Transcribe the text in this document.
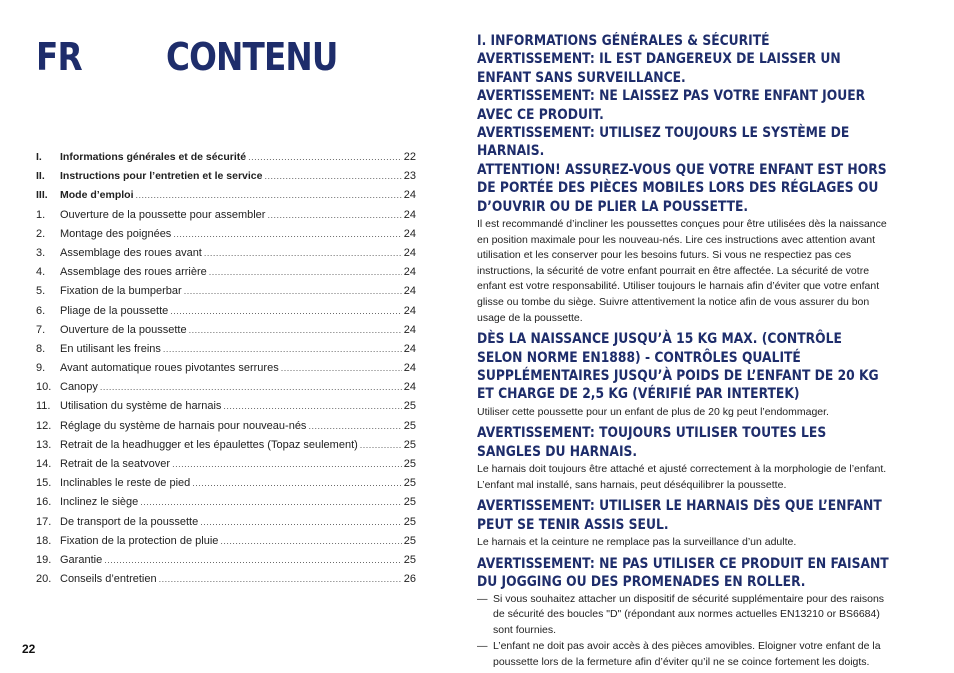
FR CONTENU
I.	Informations générales et de sécurité .....	22
II.	Instructions pour l’entretien et le service .....	23
III.	Mode d’emploi .....	24
1.	Ouverture de la poussette pour assembler .....	24
2.	Montage des poignées .....	24
3.	Assemblage des roues avant .....	24
4.	Assemblage des roues arrière .....	24
5.	Fixation de la bumperbar .....	24
6.	Pliage de la poussette .....	24
7.	Ouverture de la poussette .....	24
8.	En utilisant les freins .....	24
9.	Avant automatique roues pivotantes serrures .....	24
10. Canopy .....	24
11. Utilisation du système de harnais .....	25
12. Réglage du système de harnais pour nouveau-nés .....	25
13. Retrait de la headhugger et les épaulettes (Topaz seulement) .....	25
14. Retrait de la seatvover .....	25
15. Inclinables le reste de pied .....	25
16. Inclinez le siège .....	25
17. De transport de la poussette .....	25
18. Fixation de la protection de pluie .....	25
19. Garantie .....	25
20. Conseils d’entretien .....	26

22

I. INFORMATIONS GÉNÉRALES & SÉCURITÉ
AVERTISSEMENT: IL EST DANGEREUX DE LAISSER UN ENFANT SANS SURVEILLANCE.
AVERTISSEMENT: NE LAISSEZ PAS VOTRE ENFANT JOUER AVEC CE PRODUIT.
AVERTISSEMENT: UTILISEZ TOUJOURS LE SYSTÈME DE HARNAIS.
ATTENTION! ASSUREZ-VOUS QUE VOTRE ENFANT EST HORS DE PORTÉE DES PIÈCES MOBILES LORS DES RÉGLAGES OU D’OUVRIR OU DE PLIER LA POUSSETTE.

Il est recommandé d’incliner les poussettes conçues pour être utilisées dès la naissance en position maximale pour les nouveau-nés. Lire ces instructions avec attention avant utilisation et les conserver pour les besoins futurs. Si vous ne respectiez pas ces instructions, la sécurité de votre enfant pourrait en être affectée. La sécurité de votre enfant est votre responsabilité. Utiliser toujours le harnais afin d’éviter que votre enfant glisse ou tombe du siège. Suivre attentivement la notice afin de vous assurer du bon usage de la poussette.

DÈS LA NAISSANCE JUSQU’À 15 KG MAX. (CONTRÔLE SELON NORME EN1888) - CONTRÔLES QUALITÉ SUPPLÉMENTAIRES JUSQU’À POIDS DE L’ENFANT DE 20 KG ET CHARGE DE 2,5 KG (VÉRIFIÉ PAR INTERTEK)

Utiliser cette poussette pour un enfant de plus de 20 kg peut l’endommager.

AVERTISSEMENT: TOUJOURS UTILISER TOUTES LES SANGLES DU HARNAIS.

Le harnais doit toujours être attaché et ajusté correctement à la morphologie de l’enfant. L’enfant mal installé, sans harnais, peut déséquilibrer la poussette.

AVERTISSEMENT: UTILISER LE HARNAIS DÈS QUE L’ENFANT PEUT SE TENIR ASSIS SEUL.

Le harnais et la ceinture ne remplace pas la surveillance d’un adulte.

AVERTISSEMENT: NE PAS UTILISER CE PRODUIT EN FAISANT DU JOGGING OU DES PROMENADES EN ROLLER.

— Si vous souhaitez attacher un dispositif de sécurité supplémentaire pour des raisons de sécurité des boucles "D" (répondant aux normes actuelles EN13210 or BS6684) sont fournies.
— L’enfant ne doit pas avoir accès à des pièces amovibles. Eloigner votre enfant de la poussette lors de la fermeture afin d’éviter qu’il ne se coince fortement les doigts.
